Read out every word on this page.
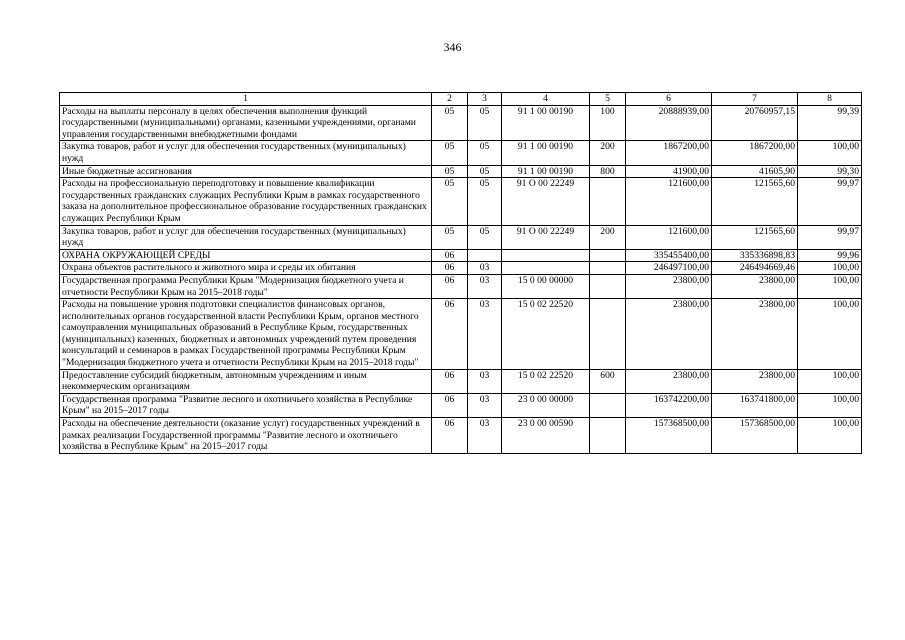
346
1	2	3	4	5	6	7	8
Расходы на выплаты персоналу в целях обеспечения выполнения функций государственными (муниципальными) органами, казенными учреждениями, органами управления государственными внебюджетными фондами	05	05	91 1 00 00190	100	20888939,00	20760957,15	99,39
Закупка товаров, работ и услуг для обеспечения государственных (муниципальных) нужд	05	05	91 1 00 00190	200	1867200,00	1867200,00	100,00
Иные бюджетные ассигнования	05	05	91 1 00 00190	800	41900,00	41605,90	99,30
Расходы на профессиональную переподготовку и повышение квалификации государственных гражданских служащих Республики Крым в рамках государственного заказа на дополнительное профессиональное образование государственных гражданских служащих Республики Крым	05	05	91 О 00 22249		121600,00	121565,60	99,97
Закупка товаров, работ и услуг для обеспечения государственных (муниципальных) нужд	05	05	91 О 00 22249	200	121600,00	121565,60	99,97
ОХРАНА ОКРУЖАЮЩЕЙ СРЕДЫ	06				335455400,00	335336898,83	99,96
Охрана объектов растительного и животного мира и среды их обитания	06	03			246497100,00	246494669,46	100,00
Государственная программа Республики Крым "Модернизация бюджетного учета и отчетности Республики Крым на 2015–2018 годы"	06	03	15 0 00 00000		23800,00	23800,00	100,00
Расходы на повышение уровня подготовки специалистов финансовых органов, исполнительных органов государственной власти Республики Крым, органов местного самоуправления муниципальных образований в Республике Крым, государственных (муниципальных) казенных, бюджетных и автономных учреждений путем проведения консультаций и семинаров в рамках Государственной программы Республики Крым "Модернизация бюджетного учета и отчетности Республики Крым на 2015–2018 годы"	06	03	15 0 02 22520		23800,00	23800,00	100,00
Предоставление субсидий бюджетным, автономным учреждениям и иным некоммерческим организациям	06	03	15 0 02 22520	600	23800,00	23800,00	100,00
Государственная программа "Развитие лесного и охотничьего хозяйства в Республике Крым" на 2015–2017 годы	06	03	23 0 00 00000		163742200,00	163741800,00	100,00
Расходы на обеспечение деятельности (оказание услуг) государственных учреждений в рамках реализации Государственной программы "Развитие лесного и охотничьего хозяйства в Республике Крым" на 2015–2017 годы	06	03	23 0 00 00590		157368500,00	157368500,00	100,00
